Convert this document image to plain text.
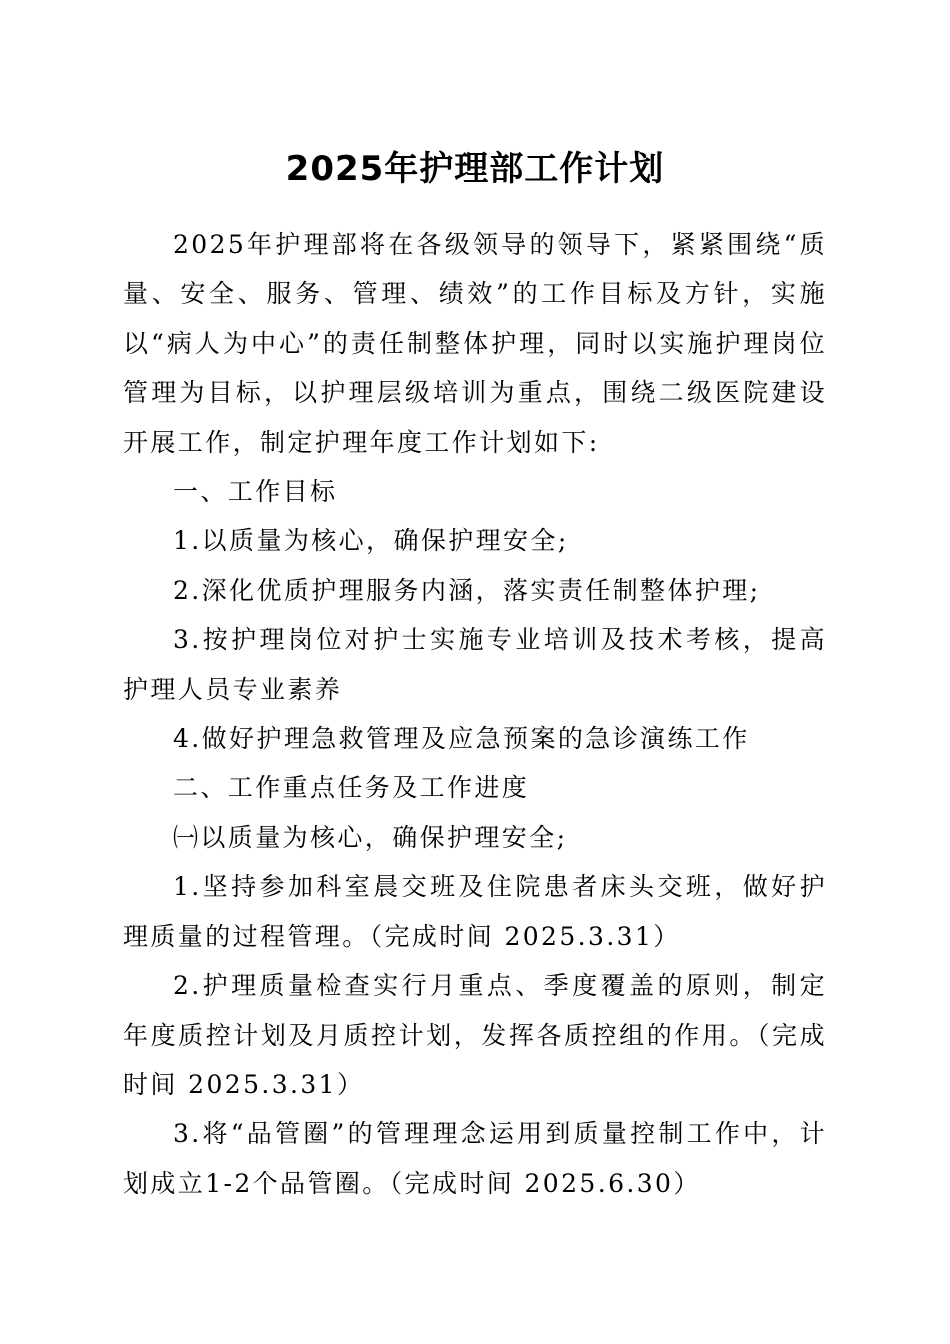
2025年护理部工作计划

2025年护理部将在各级领导的领导下，紧紧围绕“质量、安全、服务、管理、绩效”的工作目标及方针，实施以“病人为中心”的责任制整体护理，同时以实施护理岗位管理为目标，以护理层级培训为重点，围绕二级医院建设开展工作，制定护理年度工作计划如下:

一、工作目标

1.以质量为核心，确保护理安全;

2.深化优质护理服务内涵，落实责任制整体护理;

3.按护理岗位对护士实施专业培训及技术考核，提高护理人员专业素养

4.做好护理急救管理及应急预案的急诊演练工作

二、工作重点任务及工作进度

㈠以质量为核心，确保护理安全;

1.坚持参加科室晨交班及住院患者床头交班，做好护理质量的过程管理。（完成时间 2025.3.31）

2.护理质量检查实行月重点、季度覆盖的原则，制定年度质控计划及月质控计划，发挥各质控组的作用。（完成时间 2025.3.31）

3.将“品管圈”的管理理念运用到质量控制工作中，计划成立1-2个品管圈。（完成时间 2025.6.30）
